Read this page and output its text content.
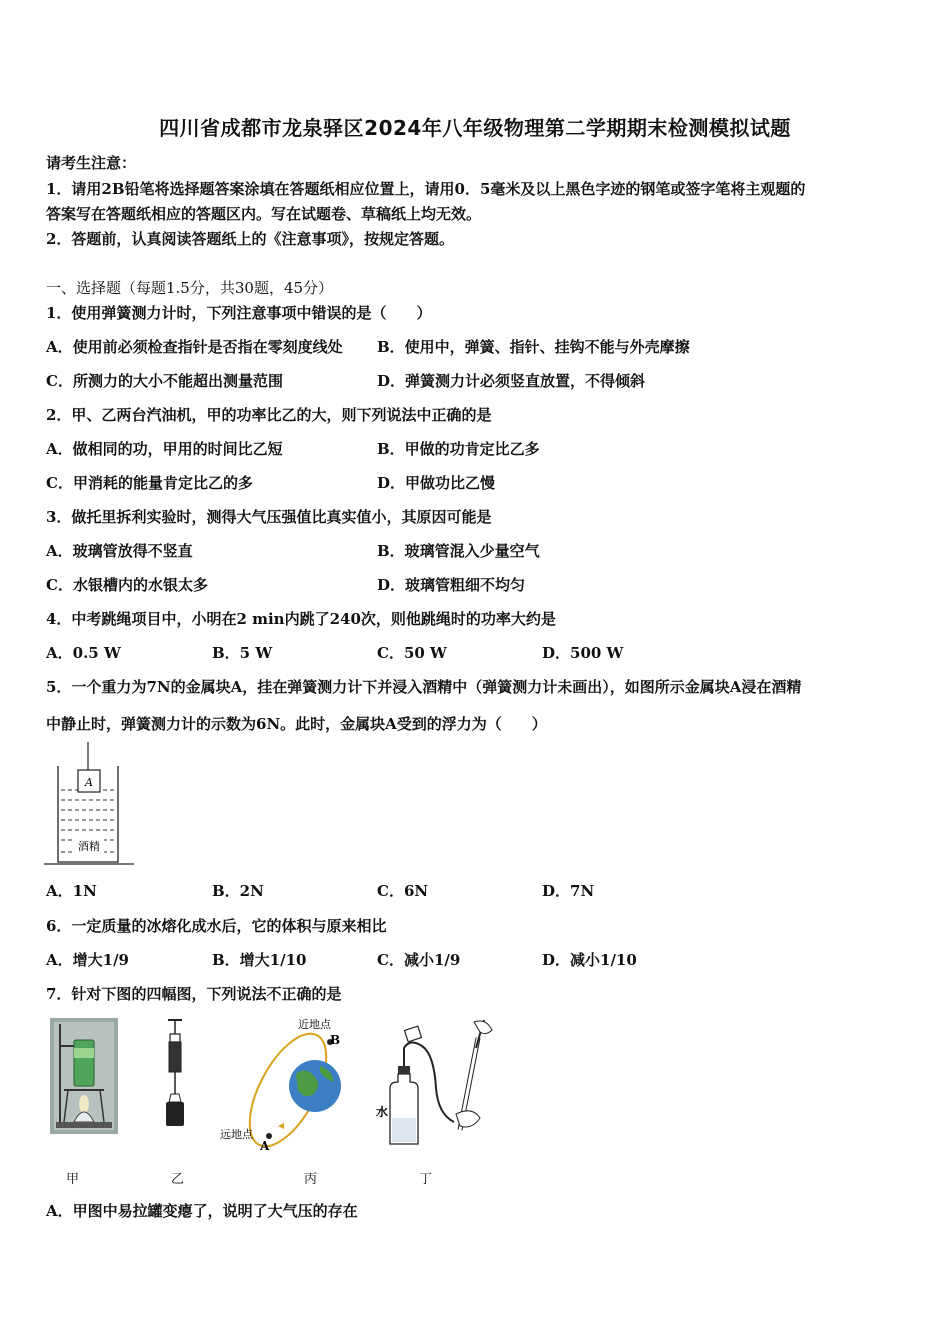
四川省成都市龙泉驿区2024年八年级物理第二学期期末检测模拟试题
请考生注意：
1．请用2B铅笔将选择题答案涂填在答题纸相应位置上，请用0．5毫米及以上黑色字迹的钢笔或签字笔将主观题的
答案写在答题纸相应的答题区内。写在试题卷、草稿纸上均无效。
2．答题前，认真阅读答题纸上的《注意事项》，按规定答题。
一、选择题（每题1.5分，共30题，45分）
1．使用弹簧测力计时，下列注意事项中错误的是（　　）
A．使用前必须检查指针是否指在零刻度线处 B．使用中，弹簧、指针、挂钩不能与外壳摩擦
C．所测力的大小不能超出测量范围	D．弹簧测力计必须竖直放置，不得倾斜
2．甲、乙两台汽油机，甲的功率比乙的大，则下列说法中正确的是
A．做相同的功，甲用的时间比乙短	B．甲做的功肯定比乙多
C．甲消耗的能量肯定比乙的多	D．甲做功比乙慢
3．做托里拆利实验时，测得大气压强值比真实值小，其原因可能是
A．玻璃管放得不竖直	B．玻璃管混入少量空气
C．水银槽内的水银太多	D．玻璃管粗细不均匀
4．中考跳绳项目中，小明在2 min内跳了240次，则他跳绳时的功率大约是
A．0.5 W	B．5 W	C．50 W	D．500 W
5．一个重力为7N的金属块A，挂在弹簧测力计下并浸入酒精中（弹簧测力计未画出），如图所示金属块A浸在酒精
中静止时，弹簧测力计的示数为6N。此时，金属块A受到的浮力为（　　）
A
酒精
A．1N	B．2N	C．6N	D．7N
6．一定质量的冰熔化成水后，它的体积与原来相比
A．增大1/9	B．增大1/10	C．减小1/9	D．减小1/10
7．针对下图的四幅图，下列说法不正确的是
近地点
B
远地点
A
水
甲	乙	丙	丁
A．甲图中易拉罐变瘪了，说明了大气压的存在
